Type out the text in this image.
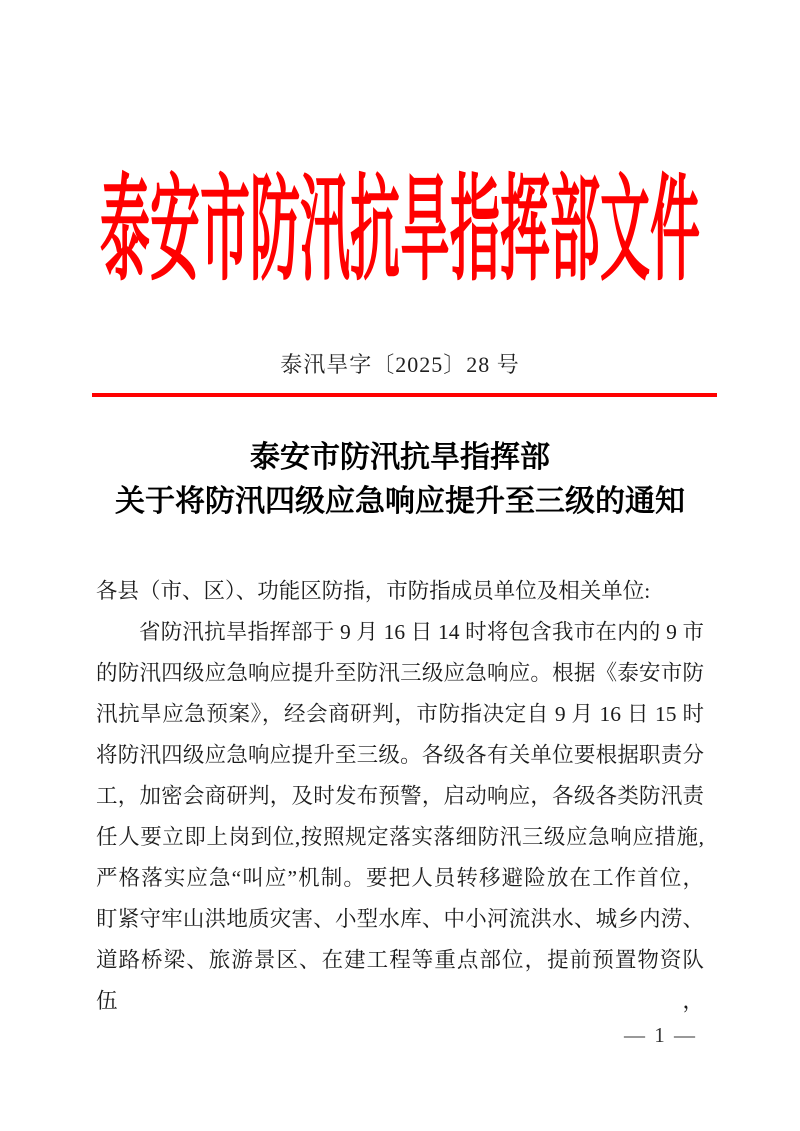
泰安市防汛抗旱指挥部文件
泰汛旱字〔2025〕28 号
泰安市防汛抗旱指挥部
关于将防汛四级应急响应提升至三级的通知
各县（市、区）、功能区防指，市防指成员单位及相关单位:
省防汛抗旱指挥部于 9 月 16 日 14 时将包含我市在内的 9 市
的防汛四级应急响应提升至防汛三级应急响应。根据《泰安市防
汛抗旱应急预案》，经会商研判，市防指决定自 9 月 16 日 15 时
将防汛四级应急响应提升至三级。各级各有关单位要根据职责分
工，加密会商研判，及时发布预警，启动响应，各级各类防汛责
任人要立即上岗到位,按照规定落实落细防汛三级应急响应措施,
严格落实应急“叫应”机制。要把人员转移避险放在工作首位，
盯紧守牢山洪地质灾害、小型水库、中小河流洪水、城乡内涝、
道路桥梁、旅游景区、在建工程等重点部位，提前预置物资队伍，
— 1 —
